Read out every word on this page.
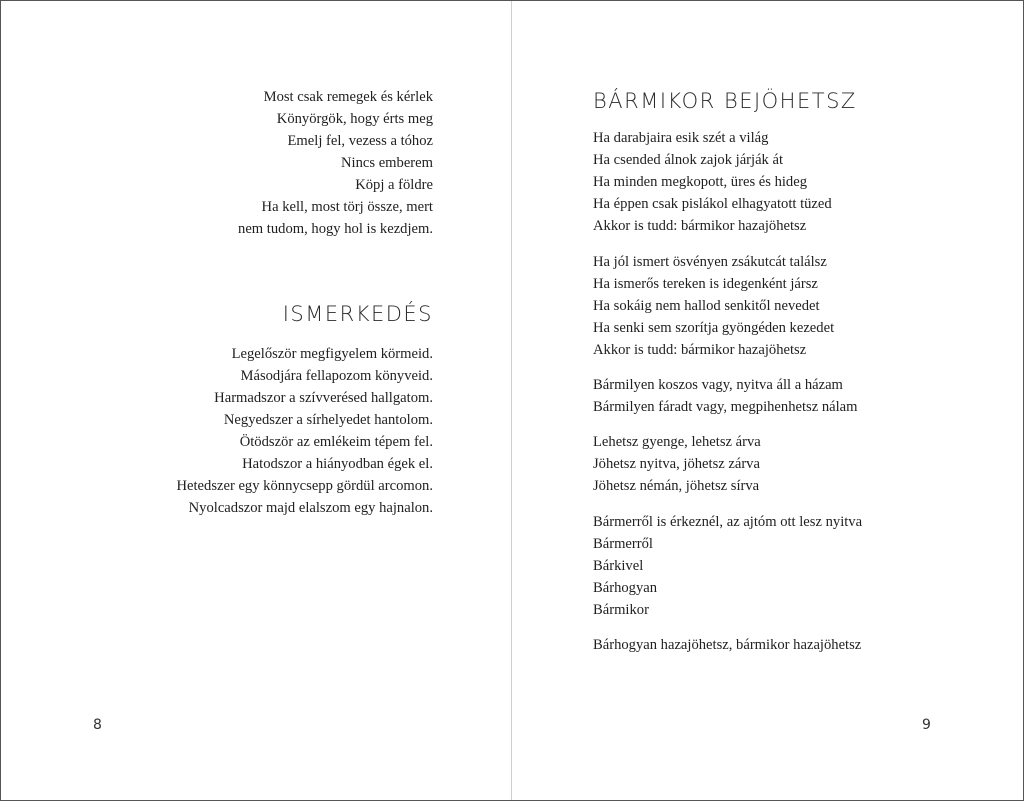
Most csak remegek és kérlek
Könyörgök, hogy érts meg
Emelj fel, vezess a tóhoz
Nincs emberem
Köpj a földre
Ha kell, most törj össze, mert
nem tudom, hogy hol is kezdjem.
ISMERKEDÉS
Legelőször megfigyelem körmeid.
Másodjára fellapozom könyveid.
Harmadszor a szívverésed hallgatom.
Negyedszer a sírhelyedet hantolom.
Ötödször az emlékeim tépem fel.
Hatodszor a hiányodban égek el.
Hetedszer egy könnycsepp gördül arcomon.
Nyolcadszor majd elalszom egy hajnalon.
8
BÁRMIKOR BEJÖHETSZ
Ha darabjaira esik szét a világ
Ha csended álnok zajok járják át
Ha minden megkopott, üres és hideg
Ha éppen csak pislákol elhagyatott tüzed
Akkor is tudd: bármikor hazajöhetsz
Ha jól ismert ösvényen zsákutcát találsz
Ha ismerős tereken is idegenként jársz
Ha sokáig nem hallod senkitől nevedet
Ha senki sem szorítja gyöngéden kezedet
Akkor is tudd: bármikor hazajöhetsz
Bármilyen koszos vagy, nyitva áll a házam
Bármilyen fáradt vagy, megpihenhetsz nálam
Lehetsz gyenge, lehetsz árva
Jöhetsz nyitva, jöhetsz zárva
Jöhetsz némán, jöhetsz sírva
Bármerről is érkeznél, az ajtóm ott lesz nyitva
Bármerről
Bárkivel
Bárhogyan
Bármikor
Bárhogyan hazajöhetsz, bármikor hazajöhetsz
9
